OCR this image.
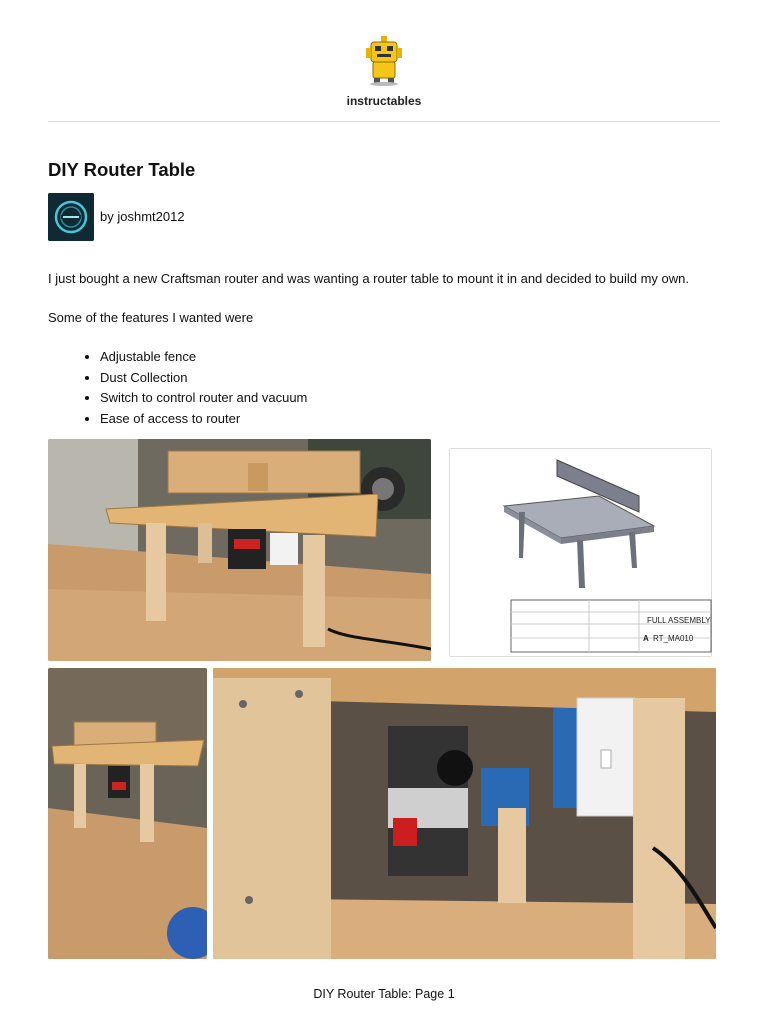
instructables
DIY Router Table
by joshmt2012

I just bought a new Craftsman router and was wanting a router table to mount it in and decided to build my own.

Some of the features I wanted were

• Adjustable fence
• Dust Collection
• Switch to control router and vacuum
• Ease of access to router
FULL ASSEMBLY
A RT_MA010
DIY Router Table: Page 1
